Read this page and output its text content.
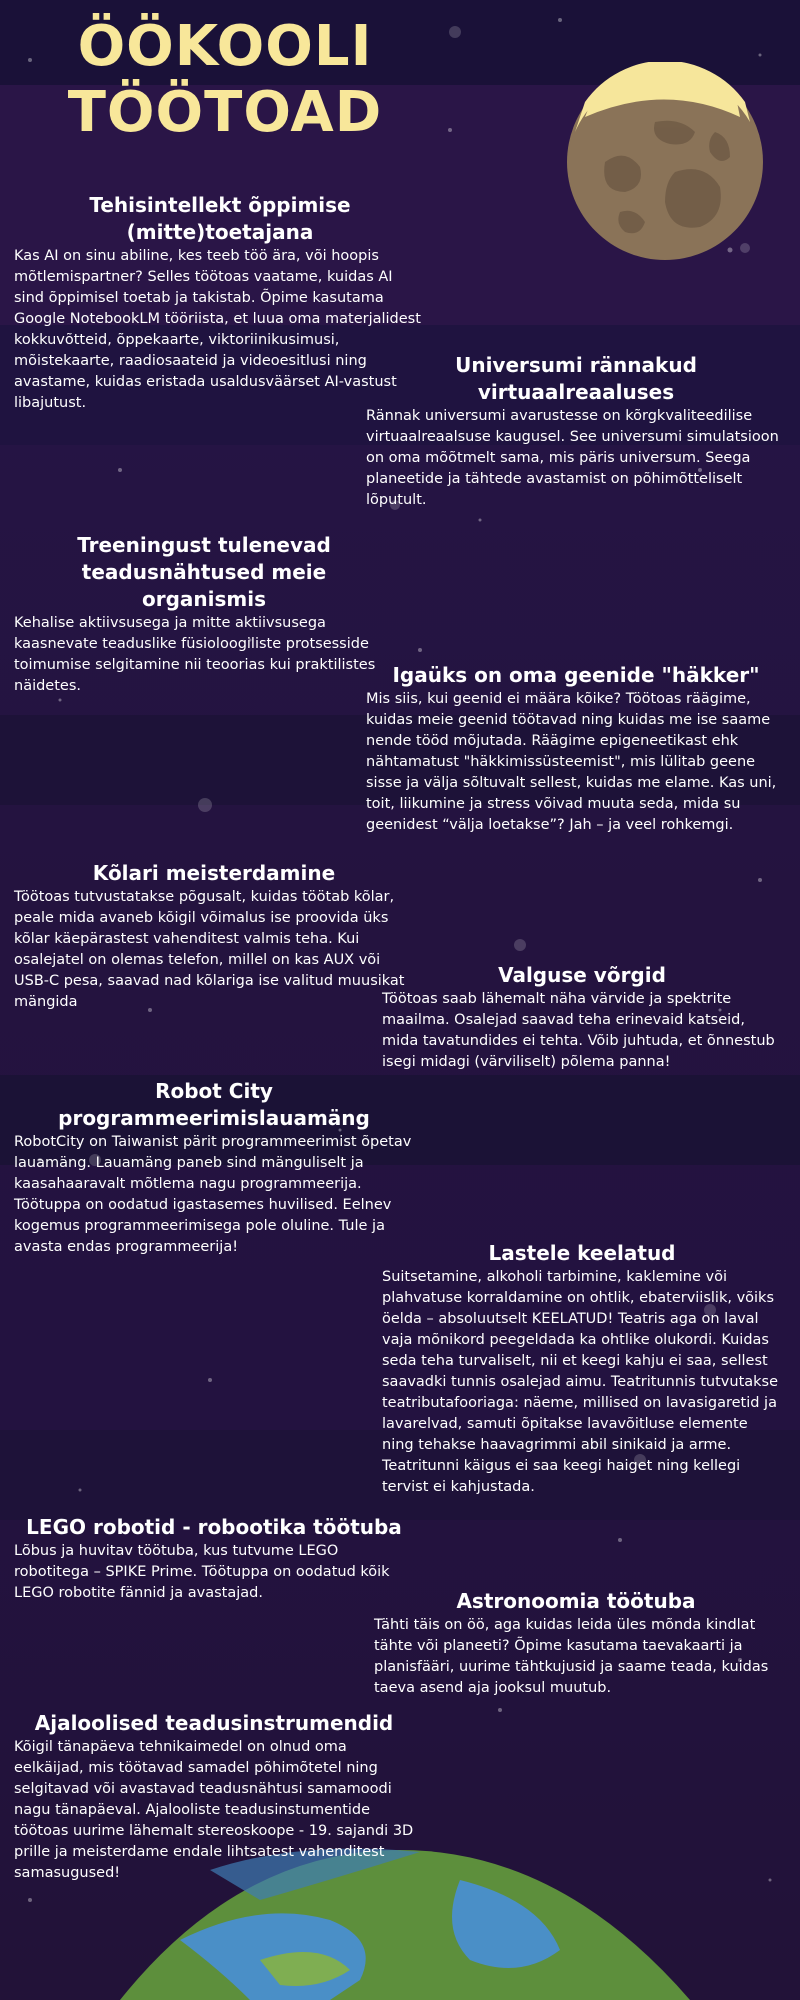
ÖÖKOOLI
TÖÖTOAD
Tehisintellekt õppimise (mitte)toetajana

Kas AI on sinu abiline, kes teeb töö ära, või hoopis mõtlemispartner? Selles töötoas vaatame, kuidas AI sind õppimisel toetab ja takistab. Õpime kasutama Google NotebookLM tööriista, et luua oma materjalidest kokkuvõtteid, õppekaarte, viktoriinikusimusi, mõistekaarte, raadiosaateid ja videoesitlusi ning avastame, kuidas eristada usaldusväärset AI-vastust libajutust.

Universumi rännakud virtuaalreaaluses

Rännak universumi avarustesse on kõrgkvaliteedilise virtuaalreaalsuse kaugusel. See universumi simulatsioon on oma mõõtmelt sama, mis päris universum. Seega planeetide ja tähtede avastamist on põhimõtteliselt lõputult.

Treeningust tulenevad teadusnähtused meie organismis

Kehalise aktiivsusega ja mitte aktiivsusega kaasnevate teaduslike füsioloogiliste protsesside toimumise selgitamine nii teoorias kui praktilistes näidetes.	Igaüks on oma geenide "häkker"

Mis siis, kui geenid ei määra kõike? Töötoas räägime, kuidas meie geenid töötavad ning kuidas me ise saame nende tööd mõjutada. Räägime epigeneetikast ehk nähtamatust "häkkimissüsteemist", mis lülitab geene sisse ja välja sõltuvalt sellest, kuidas me elame. Kas uni, toit, liikumine ja stress võivad muuta seda, mida su geenidest “välja loetakse”? Jah – ja veel rohkemgi.

Kõlari meisterdamine

Töötoas tutvustatakse põgusalt, kuidas töötab kõlar, peale mida avaneb kõigil võimalus ise proovida üks kõlar käepärastest vahenditest valmis teha. Kui osalejatel on olemas telefon, millel on kas AUX või USB-C pesa, saavad nad kõlariga ise valitud muusikat mängida

Valguse võrgid

Töötoas saab lähemalt näha värvide ja spektrite maailma. Osalejad saavad teha erinevaid katseid, mida tavatundides ei tehta. Võib juhtuda, et õnnestub isegi midagi (värviliselt) põlema panna!

Robot City programmeerimislauamäng

RobotCity on Taiwanist pärit programmeerimist õpetav lauamäng. Lauamäng paneb sind mänguliselt ja kaasahaaravalt mõtlema nagu programmeerija. Töötuppa on oodatud igastasemes huvilised. Eelnev kogemus programmeerimisega pole oluline. Tule ja avasta endas programmeerija!	Lastele keelatud

Suitsetamine, alkoholi tarbimine, kaklemine või plahvatuse korraldamine on ohtlik, ebaterviislik, võiks öelda – absoluutselt KEELATUD! Teatris aga on laval vaja mõnikord peegeldada ka ohtlike olukordi. Kuidas seda teha turvaliselt, nii et keegi kahju ei saa, sellest saavadki tunnis osalejad aimu. Teatritunnis tutvutakse teatributafooriaga: näeme, millised on lavasigaretid ja lavarelvad, samuti õpitakse lavavõitluse elemente ning tehakse haavagrimmi abil sinikaid ja arme. Teatritunni käigus ei saa keegi haiget ning kellegi tervist ei kahjustada.

LEGO robotid - robootika töötuba

Lõbus ja huvitav töötuba, kus tutvume LEGO robotitega – SPIKE Prime. Töötuppa on oodatud kõik LEGO robotite fännid ja avastajad.	Astronoomia töötuba

Tähti täis on öö, aga kuidas leida üles mõnda kindlat tähte või planeeti? Õpime kasutama taevakaarti ja planisfääri, uurime tähtkujusid ja saame teada, kuidas taeva asend aja jooksul muutub.

Ajaloolised teadusinstrumendid

Kõigil tänapäeva tehnikaimedel on olnud oma eelkäijad, mis töötavad samadel põhimõtetel ning selgitavad või avastavad teadusnähtusi samamoodi nagu tänapäeval. Ajalooliste teadusinstumentide töötoas uurime lähemalt stereoskoope - 19. sajandi 3D prille ja meisterdame endale lihtsatest vahenditest samasugused!
